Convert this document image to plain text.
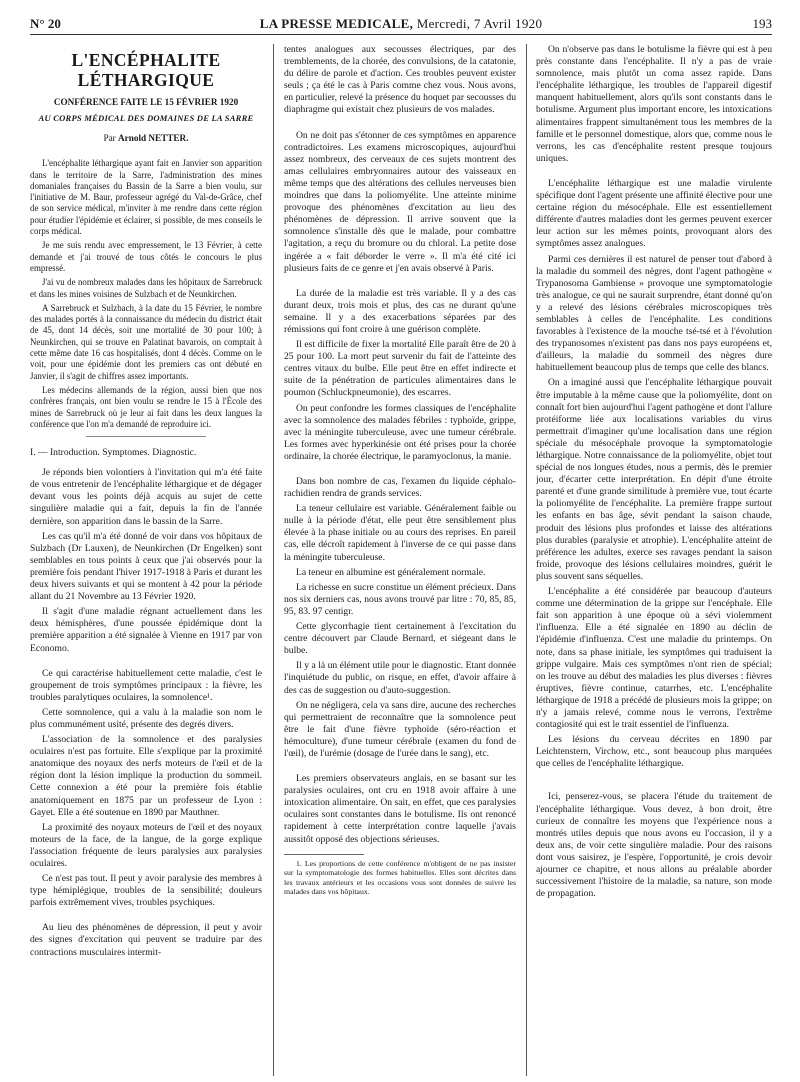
N° 20	LA PRESSE MEDICALE, Mercredi, 7 Avril 1920	193
L'ENCÉPHALITE LÉTHARGIQUE
CONFÉRENCE FAITE LE 15 FÉVRIER 1920
AU CORPS MÉDICAL DES DOMAINES DE LA SARRE
Par Arnold NETTER.

L'encéphalite léthargique ayant fait en Janvier son apparition dans le territoire de la Sarre, l'administration des mines domaniales françaises du Bassin de la Sarre a bien voulu, sur l'initiative de M. Baur, professeur agrégé du Val-de-Grâce, chef de son service médical, m'inviter à me rendre dans cette région pour étudier l'épidémie et éclairer, si possible, de mes conseils le corps médical.

Je me suis rendu avec empressement, le 13 Février, à cette demande et j'ai trouvé de tous côtés le concours le plus empressé.

J'ai vu de nombreux malades dans les hôpitaux de Sarrebruck et dans les mines voisines de Sulzbach et de Neunkirchen.

A Sarrebruck et Sulzbach, à la date du 15 Février, le nombre des malades portés à la connaissance du médecin du district était de 45, dont 14 décès, soit une mortalité de 30 pour 100; à Neunkirchen, qui se trouve en Palatinat bavarois, on comptait à cette même date 16 cas hospitalisés, dont 4 décès. Comme on le voit, pour une épidémie dont les premiers cas ont débuté en Janvier, il s'agit de chiffres assez importants.

Les médecins allemands de la région, aussi bien que nos confrères français, ont bien voulu se rendre le 15 à l'École des mines de Sarrebruck où je leur ai fait dans les deux langues la conférence que l'on m'a demandé de reproduire ici.

I. — Introduction. Symptomes. Diagnostic.

Je réponds bien volontiers à l'invitation qui m'a été faite de vous entretenir de l'encéphalite léthargique et de dégager devant vous les points déjà acquis au sujet de cette singulière maladie qui a fait, depuis la fin de l'année dernière, son apparition dans le bassin de la Sarre.

Les cas qu'il m'a été donné de voir dans vos hôpitaux de Sulzbach (Dr Lauxen), de Neunkirchen (Dr Engelken) sont semblables en tous points à ceux que j'ai observés pour la première fois pendant l'hiver 1917-1918 à Paris et durant les deux hivers suivants et qui se montent à 42 pour la période allant du 21 Novembre au 13 Février 1920.

Il s'agit d'une maladie régnant actuellement dans les deux hémisphères, d'une poussée épidémique dont la première apparition a été signalée à Vienne en 1917 par von Economo.

Ce qui caractérise habituellement cette maladie, c'est le groupement de trois symptômes principaux : la fièvre, les troubles paralytiques oculaires, la somnolence¹.

Cette somnolence, qui a valu à la maladie son nom le plus communément usité, présente des degrés divers.

L'association de la somnolence et des paralysies oculaires n'est pas fortuite. Elle s'explique par la proximité anatomique des noyaux des nerfs moteurs de l'œil et de la région dont la lésion implique la production du sommeil. Cette connexion a été pour la première fois établie anatomiquement en 1875 par un professeur de Lyon : Gayet. Elle a été soutenue en 1890 par Mauthner.

La proximité des noyaux moteurs de l'œil et des noyaux moteurs de la face, de la langue, de la gorge explique l'association fréquente de leurs paralysies aux paralysies oculaires.

Ce n'est pas tout. Il peut y avoir paralysie des membres à type hémiplégique, troubles de la sensibilité; douleurs parfois extrêmement vives, troubles psychiques.

Au lieu des phénomènes de dépression, il peut y avoir des signes d'excitation qui peuvent se traduire par des contractions musculaires intermit-

tentes analogues aux secousses électriques, par des tremblements, de la chorée, des convulsions, de la catatonie, du délire de parole et d'action. Ces troubles peuvent exister seuls ; ça été le cas à Paris comme chez vous. Nous avons, en particulier, relevé la présence du hoquet par secousses du diaphragme qui existait chez plusieurs de vos malades.

On ne doit pas s'étonner de ces symptômes en apparence contradictoires. Les examens microscopiques, aujourd'hui assez nombreux, des cerveaux de ces sujets montrent des amas cellulaires embryonnaires autour des vaisseaux en même temps que des altérations des cellules nerveuses bien moindres que dans la poliomyélite. Une atteinte minime provoque des phénomènes d'excitation au lieu des phénomènes de dépression. Il arrive souvent que la somnolence s'installe dès que le malade, pour combattre l'agitation, a reçu du bromure ou du chloral. La petite dose ingérée a « fait déborder le verre ». Il m'a été cité ici plusieurs faits de ce genre et j'en avais observé à Paris.

La durée de la maladie est très variable. Il y a des cas durant deux, trois mois et plus, des cas ne durant qu'une semaine. Il y a des exacerbations séparées par des rémissions qui font croire à une guérison complète.

Il est difficile de fixer la mortalité Elle paraît être de 20 à 25 pour 100. La mort peut survenir du fait de l'atteinte des centres vitaux du bulbe. Elle peut être en effet indirecte et suite de la pénétration de particules alimentaires dans le poumon (Schluckpneumonie), des escarres.

On peut confondre les formes classiques de l'encéphalite avec la somnolence des malades fébriles : typhoïde, grippe, avec la méningite tuberculeuse, avec une tumeur cérébrale. Les formes avec hyperkinésie ont été prises pour la chorée ordinaire, la chorée électrique, le paramyoclonus, la manie.

Dans bon nombre de cas, l'examen du liquide céphalo-rachidien rendra de grands services.

La teneur cellulaire est variable. Généralement faible ou nulle à la période d'état, elle peut être sensiblement plus élevée à la phase initiale ou au cours des reprises. En pareil cas, elle décroît rapidement à l'inverse de ce qui passe dans la méningite tuberculeuse.

La teneur en albumine est généralement normale.

La richesse en sucre constitue un élément précieux. Dans nos six derniers cas, nous avons trouvé par litre : 70, 85, 85, 95, 83. 97 centigr.

Cette glycorrhagie tient certainement à l'excitation du centre découvert par Claude Bernard, et siégeant dans le bulbe.

Il y a là un élément utile pour le diagnostic. Etant donnée l'inquiétude du public, on risque, en effet, d'avoir affaire à des cas de suggestion ou d'auto-suggestion.

On ne négligera, cela va sans dire, aucune des recherches qui permettraient de reconnaître que la somnolence peut être le fait d'une fièvre typhoïde (séro-réaction et hémoculture), d'une tumeur cérébrale (examen du fond de l'œil), de l'urémie (dosage de l'urée dans le sang), etc.

Les premiers observateurs anglais, en se basant sur les paralysies oculaires, ont cru en 1918 avoir affaire à une intoxication alimentaire. On sait, en effet, que ces paralysies oculaires sont constantes dans le botulisme. Ils ont renoncé rapidement à cette interprétation contre laquelle j'avais aussitôt opposé des objections sérieuses.

1. Les proportions de cette conférence m'obligent de ne pas insister sur la symptomatologie des formes habituelles. Elles sont décrites dans les travaux antérieurs et les occasions vous sont données de suivre les malades dans vos hôpitaux.

On n'observe pas dans le botulisme la fièvre qui est à peu près constante dans l'encéphalite. Il n'y a pas de vraie somnolence, mais plutôt un coma assez rapide. Dans l'encéphalite léthargique, les troubles de l'appareil digestif manquent habituellement, alors qu'ils sont constants dans le botulisme. Argument plus important encore, les intoxications alimentaires frappent simultanément tous les membres de la famille et le personnel domestique, alors que, comme nous le verrons, les cas d'encéphalite restent presque toujours uniques.

L'encéphalite léthargique est une maladie virulente spécifique dont l'agent présente une affinité élective pour une certaine région du mésocéphale. Elle est essentiellement différente d'autres maladies dont les germes peuvent exercer leur action sur les mêmes points, provoquant alors des symptômes assez analogues.

Parmi ces dernières il est naturel de penser tout d'abord à la maladie du sommeil des nègres, dont l'agent pathogène « Trypanosoma Gambiense » provoque une symptomatologie très analogue, ce qui ne saurait surprendre, étant donné qu'on y a relevé des lésions cérébrales microscopiques très semblables à celles de l'encéphalite. Les conditions favorables à l'existence de la mouche tsé-tsé et à l'évolution des trypanosomes n'existent pas dans nos pays européens et, d'ailleurs, la maladie du sommeil des nègres dure habituellement beaucoup plus de temps que celle des blancs.

On a imaginé aussi que l'encéphalite léthargique pouvait être imputable à la même cause que la poliomyélite, dont on connaît fort bien aujourd'hui l'agent pathogène et dont l'allure protéiforme liée aux localisations variables du virus permettrait d'imaginer qu'une localisation dans une région spéciale du mésocéphale provoque la symptomatologie léthargique. Notre connaissance de la poliomyélite, objet tout spécial de nos longues études, nous a permis, dès le premier jour, d'écarter cette interprétation. En dépit d'une étroite parenté et d'une grande similitude à première vue, tout écarte la poliomyélite de l'encéphalite. La première frappe surtout les enfants en bas âge, sévit pendant la saison chaude, produit des lésions plus profondes et laisse des altérations plus durables (paralysie et atrophie). L'encéphalite atteint de préférence les adultes, exerce ses ravages pendant la saison froide, provoque des lésions cellulaires moindres, guérit le plus souvent sans séquelles.

L'encéphalite a été considérée par beaucoup d'auteurs comme une détermination de la grippe sur l'encéphale. Elle fait son apparition à une époque où a sévi violemment l'influenza. Elle a été signalée en 1890 au déclin de l'épidémie d'influenza. C'est une maladie du printemps. On note, dans sa phase initiale, les symptômes qui traduisent la grippe vulgaire. Mais ces symptômes n'ont rien de spécial; on les trouve au début des maladies les plus diverses : fièvres éruptives, fièvre continue, catarrhes, etc. L'encéphalite léthargique de 1918 a précédé de plusieurs mois la grippe; on n'y a jamais relevé, comme nous le verrons, l'extrême contagiosité qui est le trait essentiel de l'influenza.

Les lésions du cerveau décrites en 1890 par Leichtenstern, Virchow, etc., sont beaucoup plus marquées que celles de l'encéphalite léthargique.

Ici, penserez-vous, se placera l'étude du traitement de l'encéphalite léthargique. Vous devez, à bon droit, être curieux de connaître les moyens que l'expérience nous a montrés utiles depuis que nous avons eu l'occasion, il y a deux ans, de voir cette singulière maladie. Pour des raisons dont vous saisirez, je l'espère, l'opportunité, je crois devoir ajourner ce chapitre, et nous allons au préalable aborder successivement l'histoire de la maladie, sa nature, son mode de propagation.
